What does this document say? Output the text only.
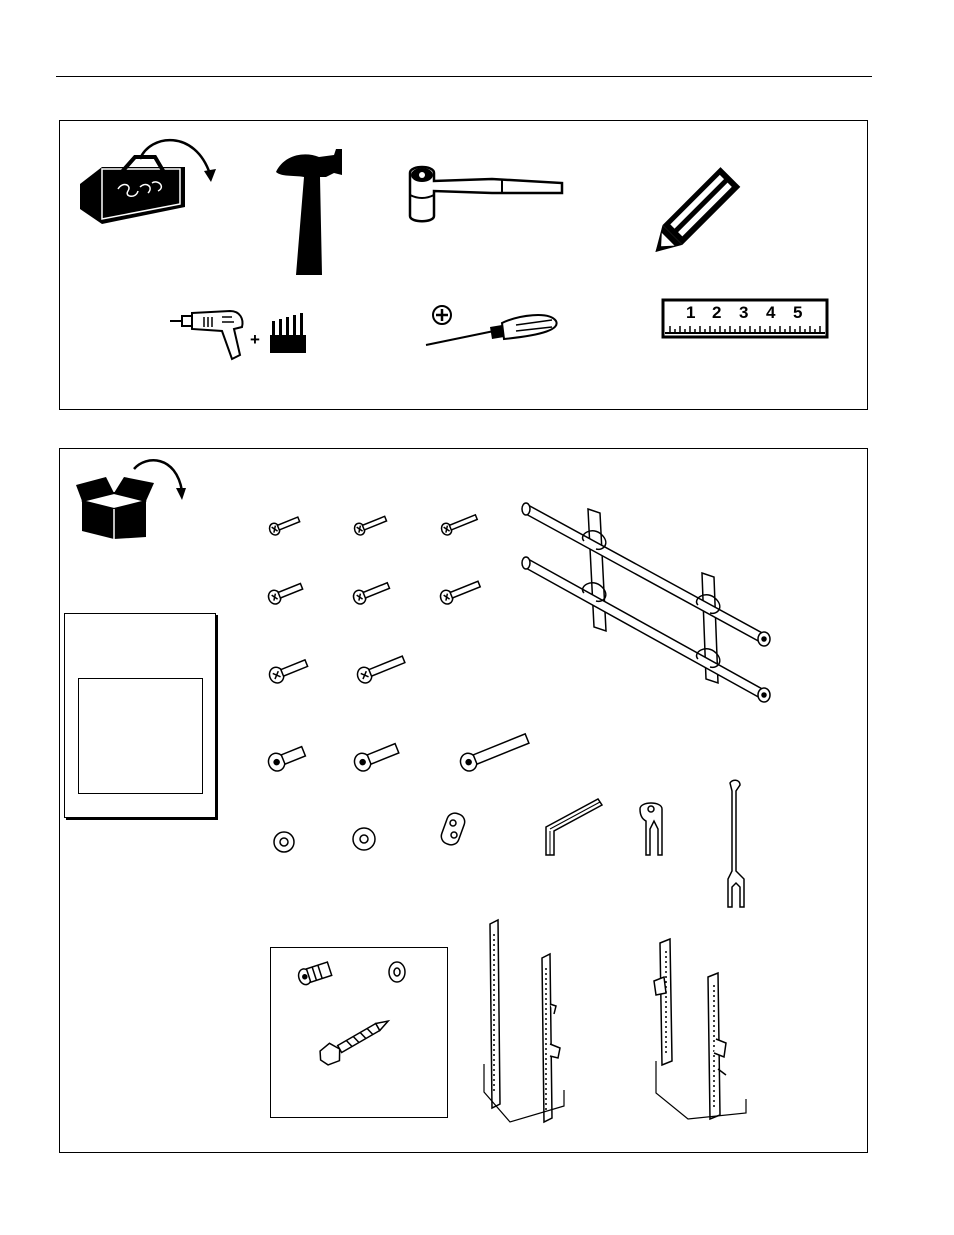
+
1 2 3 4 5
